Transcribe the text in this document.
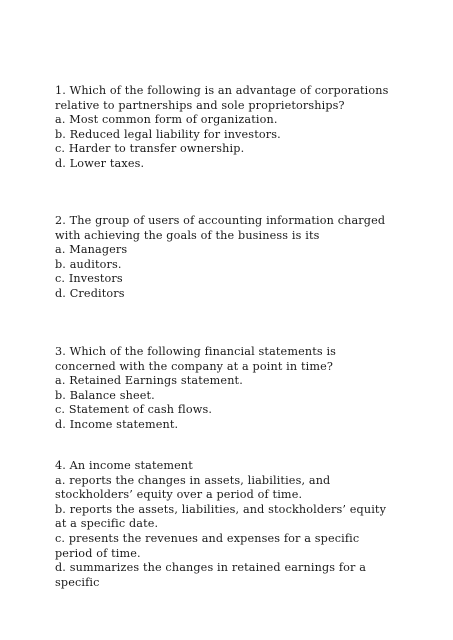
1. Which of the following is an advantage of corporations relative to partnerships and sole proprietorships?
a. Most common form of organization.
b. Reduced legal liability for investors.
c. Harder to transfer ownership.
d. Lower taxes.
2. The group of users of accounting information charged with achieving the goals of the business is its
a. Managers
b. auditors.
c. Investors
d. Creditors
3. Which of the following financial statements is concerned with the company at a point in time?
a. Retained Earnings statement.
b. Balance sheet.
c. Statement of cash flows.
d. Income statement.
4. An income statement
a. reports the changes in assets, liabilities, and stockholders’ equity over a period of time.
b. reports the assets, liabilities, and stockholders’ equity at a specific date.
c. presents the revenues and expenses for a specific period of time.
d. summarizes the changes in retained earnings for a specific
